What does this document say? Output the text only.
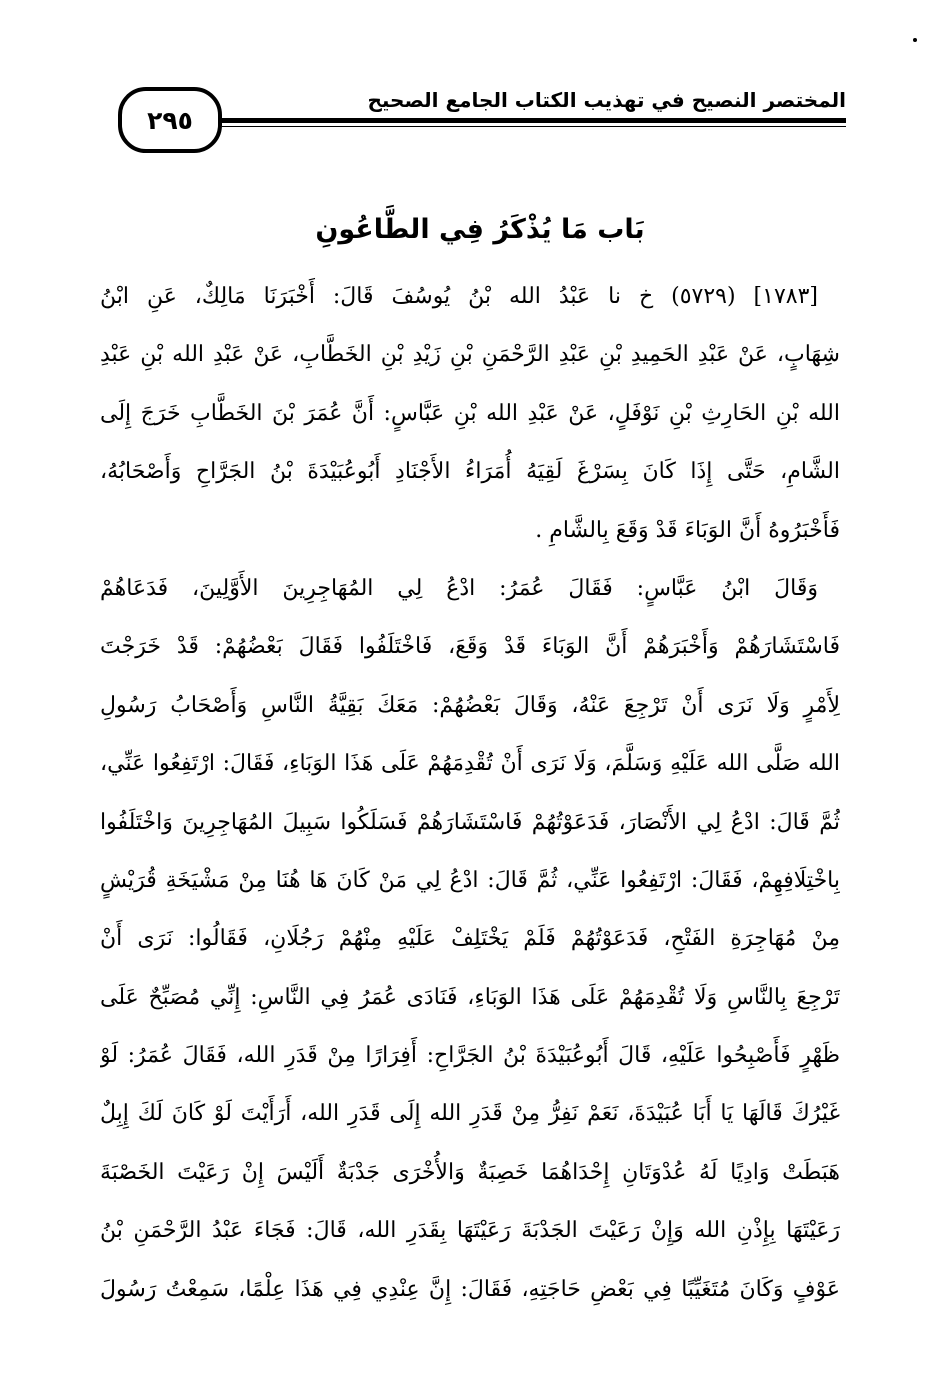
٢٩٥
المختصر النصيح في تهذيب الكتاب الجامع الصحيح
بَاب مَا يُذْكَرُ فِي الطَّاعُونِ
[١٧٨٣] (٥٧٢٩) خ نا عَبْدُ الله بْنُ يُوسُفَ قَالَ: أَخْبَرَنَا مَالِكٌ، عَنِ ابْنُ
شِهَابٍ، عَنْ عَبْدِ الحَمِيدِ بْنِ عَبْدِ الرَّحْمَنِ بْنِ زَيْدِ بْنِ الخَطَّابِ، عَنْ عَبْدِ الله بْنِ عَبْدِ
الله بْنِ الحَارِثِ بْنِ نَوْفَلٍ، عَنْ عَبْدِ الله بْنِ عَبَّاسٍ: أَنَّ عُمَرَ بْنَ الخَطَّابِ خَرَجَ إِلَى
الشَّامِ، حَتَّى إِذَا كَانَ بِسَرْغَ لَقِيَهُ أُمَرَاءُ الأَجْنَادِ أَبُوعُبَيْدَةَ بْنُ الجَرَّاحِ وَأَصْحَابُهُ،
فَأَخْبَرُوهُ أَنَّ الوَبَاءَ قَدْ وَقَعَ بِالشَّامِ .
وَقَالَ ابْنُ عَبَّاسٍ: فَقَالَ عُمَرُ: ادْعُ لِي المُهَاجِرِينَ الأَوَّلِينَ، فَدَعَاهُمْ
فَاسْتَشَارَهُمْ وَأَخْبَرَهُمْ أَنَّ الوَبَاءَ قَدْ وَقَعَ، فَاخْتَلَفُوا فَقَالَ بَعْضُهُمْ: قَدْ خَرَجْتَ
لِأَمْرٍ وَلَا نَرَى أَنْ تَرْجِعَ عَنْهُ، وَقَالَ بَعْضُهُمْ: مَعَكَ بَقِيَّةُ النَّاسِ وَأَصْحَابُ رَسُولِ
الله صَلَّى الله عَلَيْهِ وَسَلَّمَ، وَلَا نَرَى أَنْ تُقْدِمَهُمْ عَلَى هَذَا الوَبَاءِ، فَقَالَ: ارْتَفِعُوا عَنِّي،
ثُمَّ قَالَ: ادْعُ لِي الأَنْصَارَ، فَدَعَوْتُهُمْ فَاسْتَشَارَهُمْ فَسَلَكُوا سَبِيلَ المُهَاجِرِينَ وَاخْتَلَفُوا
بِاخْتِلَافِهِمْ، فَقَالَ: ارْتَفِعُوا عَنِّي، ثُمَّ قَالَ: ادْعُ لِي مَنْ كَانَ هَا هُنَا مِنْ مَشْيَخَةِ قُرَيْشٍ
مِنْ مُهَاجِرَةِ الفَتْحِ، فَدَعَوْتُهُمْ فَلَمْ يَخْتَلِفْ عَلَيْهِ مِنْهُمْ رَجُلَانِ، فَقَالُوا: نَرَى أَنْ
تَرْجِعَ بِالنَّاسِ وَلَا تُقْدِمَهُمْ عَلَى هَذَا الوَبَاءِ، فَنَادَى عُمَرُ فِي النَّاسِ: إِنِّي مُصَبِّحٌ عَلَى
ظَهْرٍ فَأَصْبِحُوا عَلَيْهِ، قَالَ أَبُوعُبَيْدَةَ بْنُ الجَرَّاحِ: أَفِرَارًا مِنْ قَدَرِ الله، فَقَالَ عُمَرُ: لَوْ
غَيْرُكَ قَالَهَا يَا أَبَا عُبَيْدَةَ، نَعَمْ نَفِرُّ مِنْ قَدَرِ الله إِلَى قَدَرِ الله، أَرَأَيْتَ لَوْ كَانَ لَكَ إِبِلٌ
هَبَطَتْ وَادِيًا لَهُ عُدْوَتَانِ إِحْدَاهُمَا خَصِبَةٌ وَالأُخْرَى جَدْبَةٌ أَلَيْسَ إِنْ رَعَيْتَ الخَصْبَةَ
رَعَيْتَهَا بِإِذْنِ الله وَإِنْ رَعَيْتَ الجَدْبَةَ رَعَيْتَهَا بِقَدَرِ الله، قَالَ: فَجَاءَ عَبْدُ الرَّحْمَنِ بْنُ
عَوْفٍ وَكَانَ مُتَغَيِّبًا فِي بَعْضِ حَاجَتِهِ، فَقَالَ: إِنَّ عِنْدِي فِي هَذَا عِلْمًا، سَمِعْتُ رَسُولَ
